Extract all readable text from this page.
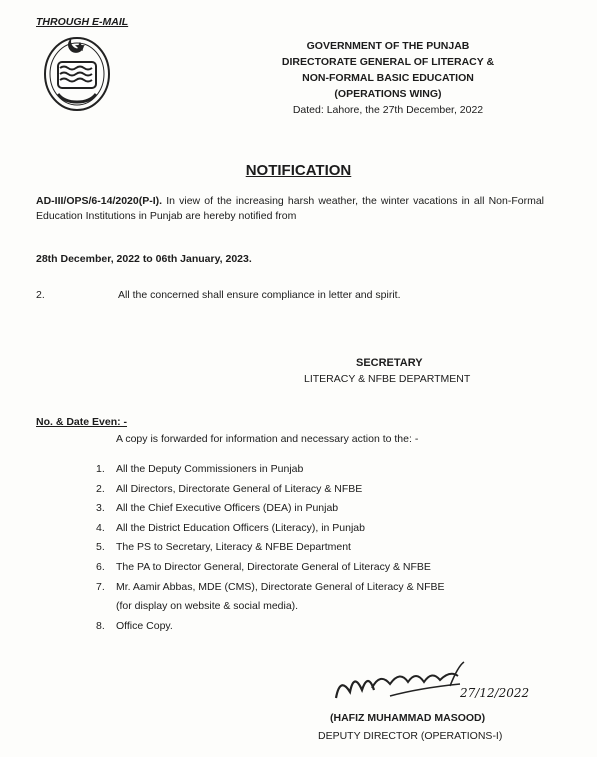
THROUGH E-MAIL
GOVERNMENT OF THE PUNJAB
DIRECTORATE GENERAL OF LITERACY &
NON-FORMAL BASIC EDUCATION
(OPERATIONS WING)
Dated: Lahore, the 27th December, 2022
NOTIFICATION
AD-III/OPS/6-14/2020(P-I). In view of the increasing harsh weather, the winter vacations in all Non-Formal Education Institutions in Punjab are hereby notified from
28th December, 2022 to 06th January, 2023.
2.	All the concerned shall ensure compliance in letter and spirit.
SECRETARY
LITERACY & NFBE DEPARTMENT
No. & Date Even: -
A copy is forwarded for information and necessary action to the: -
1.	All the Deputy Commissioners in Punjab
2.	All Directors, Directorate General of Literacy & NFBE
3.	All the Chief Executive Officers (DEA) in Punjab
4.	All the District Education Officers (Literacy), in Punjab
5.	The PS to Secretary, Literacy & NFBE Department
6.	The PA to Director General, Directorate General of Literacy & NFBE
7.	Mr. Aamir Abbas, MDE (CMS), Directorate General of Literacy & NFBE
(for display on website & social media).
8.	Office Copy.
27/12/2022
(HAFIZ MUHAMMAD MASOOD)
DEPUTY DIRECTOR (OPERATIONS-I)
